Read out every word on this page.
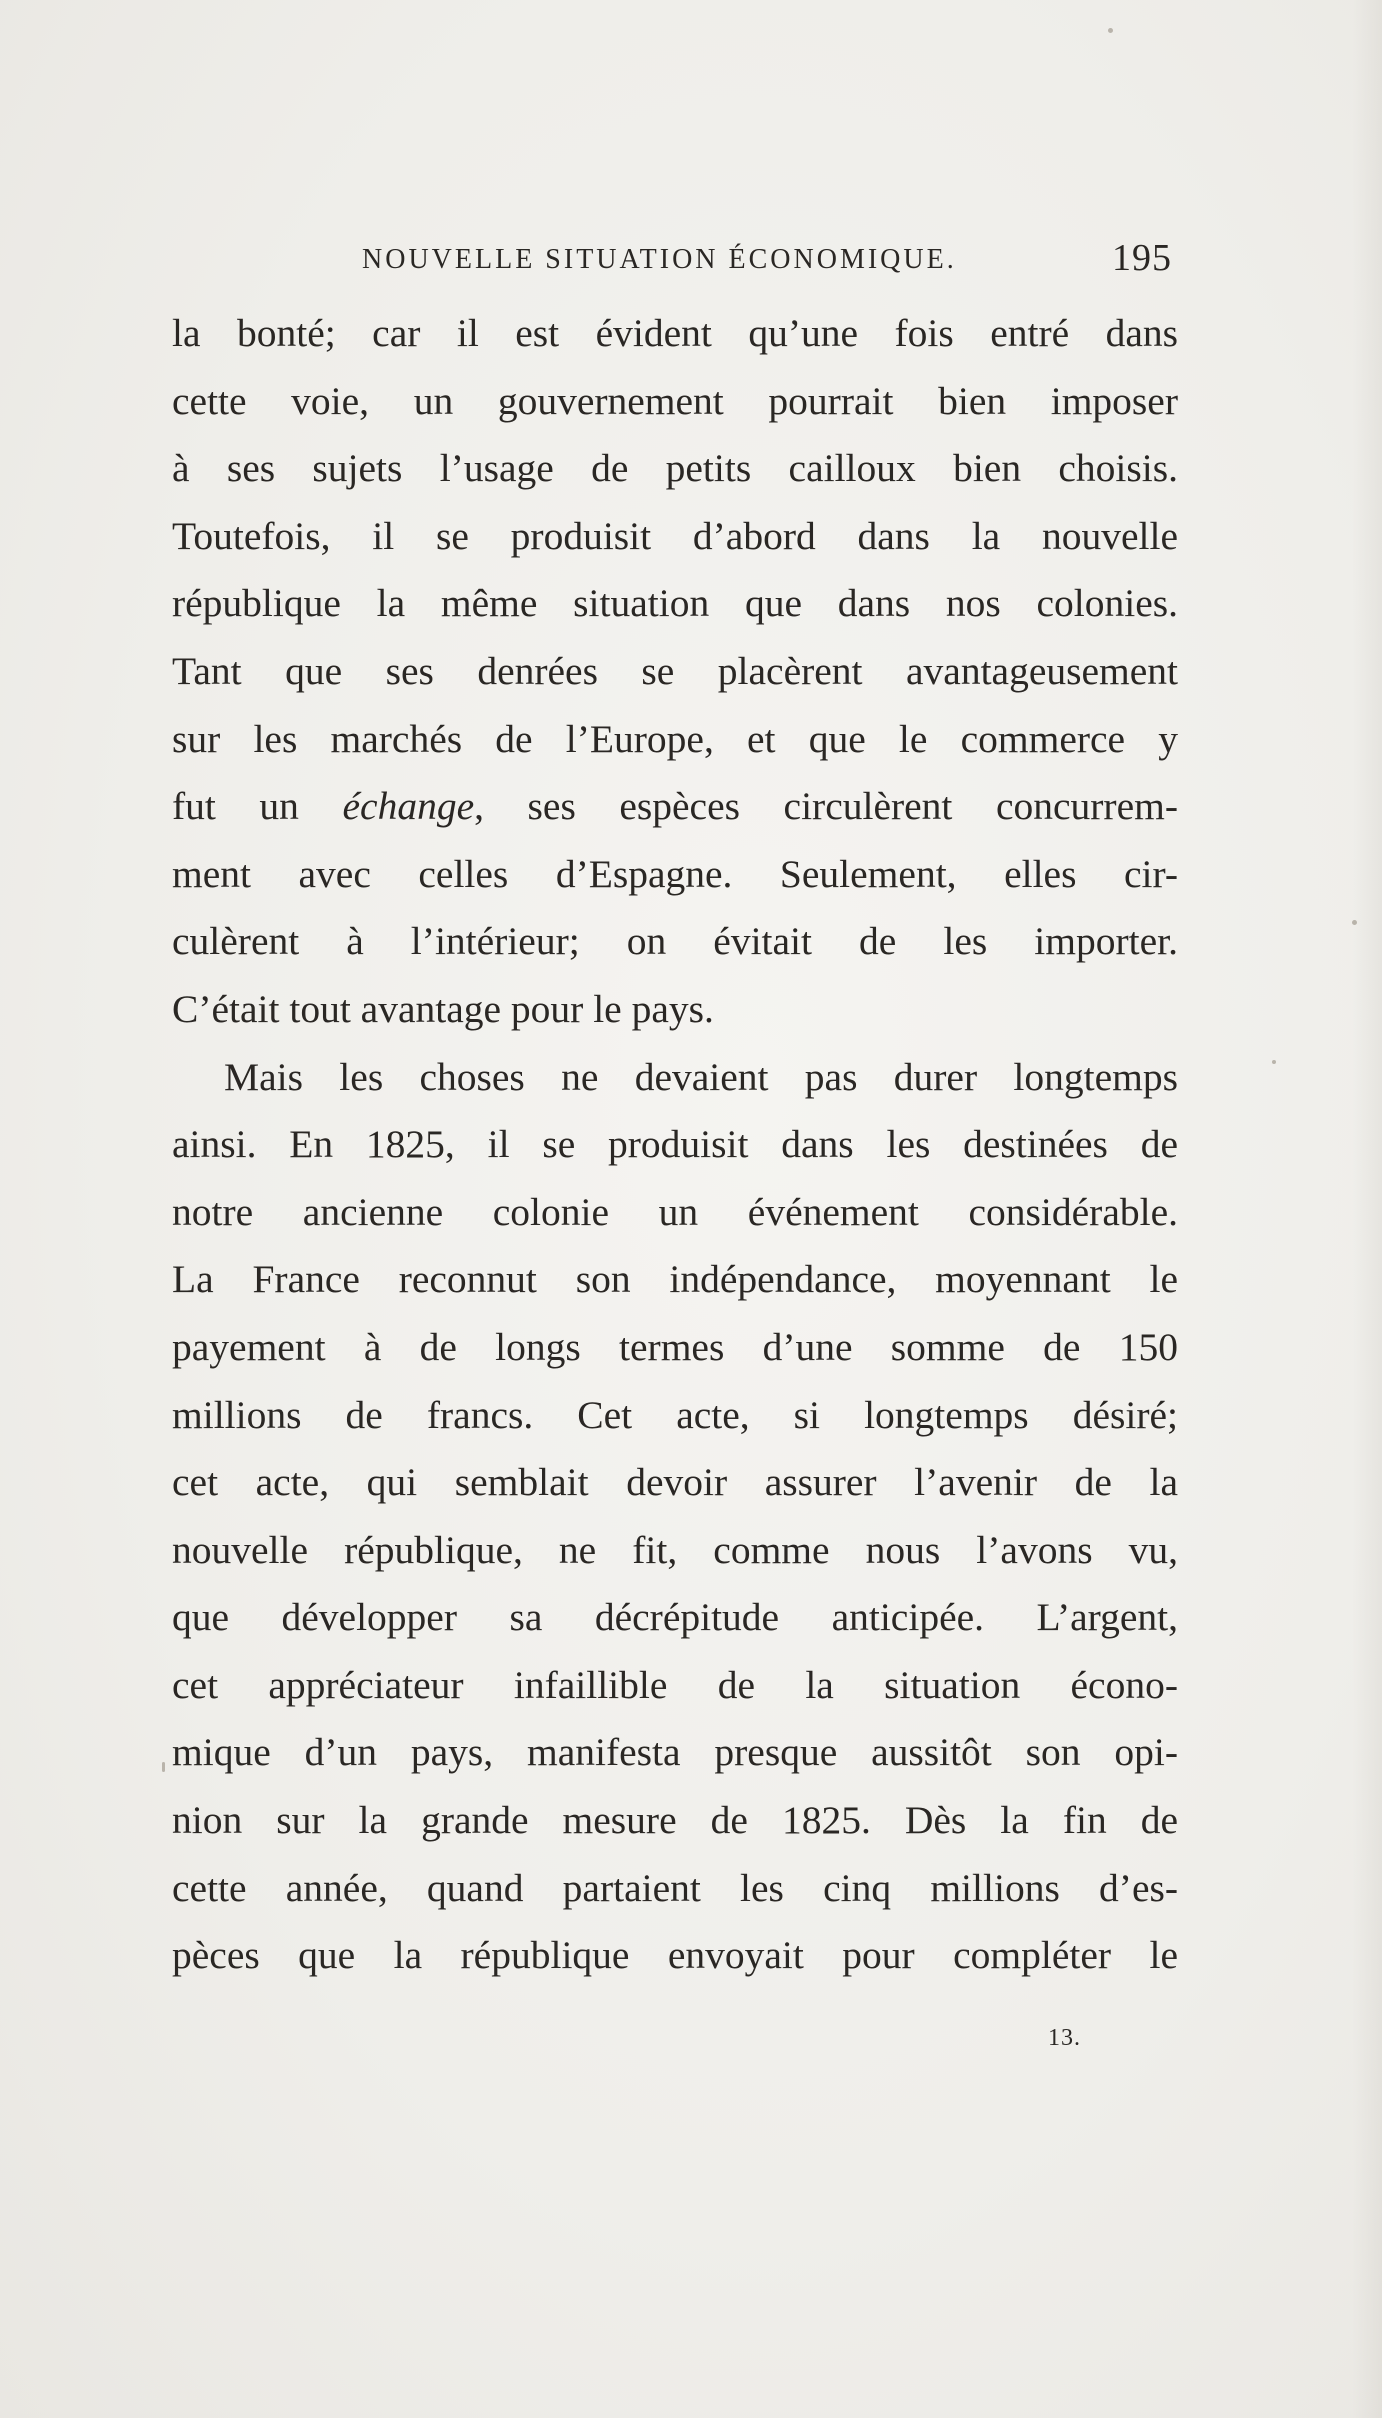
NOUVELLE SITUATION ÉCONOMIQUE.	195
la bonté; car il est évident qu’une fois entré dans
cette voie, un gouvernement pourrait bien imposer
à ses sujets l’usage de petits cailloux bien choisis.
Toutefois, il se produisit d’abord dans la nouvelle
république la même situation que dans nos colonies.
Tant que ses denrées se placèrent avantageusement
sur les marchés de l’Europe, et que le commerce y
fut un échange, ses espèces circulèrent concurrem-
ment avec celles d’Espagne. Seulement, elles cir-
culèrent à l’intérieur; on évitait de les importer.
C’était tout avantage pour le pays.
Mais les choses ne devaient pas durer longtemps
ainsi. En 1825, il se produisit dans les destinées de
notre ancienne colonie un événement considérable.
La France reconnut son indépendance, moyennant le
payement à de longs termes d’une somme de 150
millions de francs. Cet acte, si longtemps désiré;
cet acte, qui semblait devoir assurer l’avenir de la
nouvelle république, ne fit, comme nous l’avons vu,
que développer sa décrépitude anticipée. L’argent,
cet appréciateur infaillible de la situation écono-
mique d’un pays, manifesta presque aussitôt son opi-
nion sur la grande mesure de 1825. Dès la fin de
cette année, quand partaient les cinq millions d’es-
pèces que la république envoyait pour compléter le
13.
